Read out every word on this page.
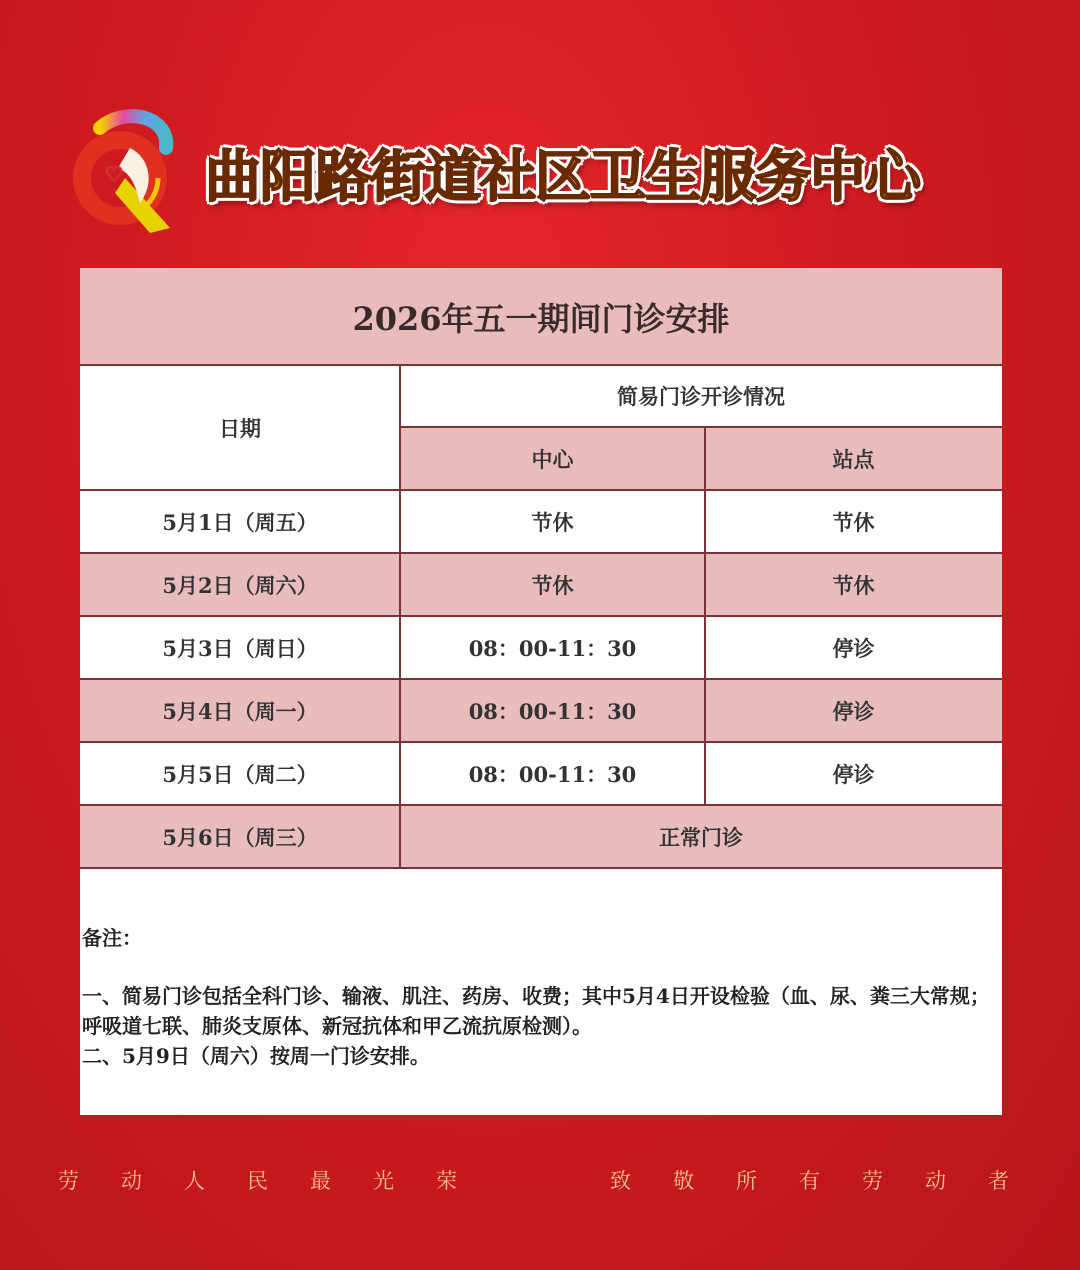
曲阳路街道社区卫生服务中心
2026年五一期间门诊安排
日期
简易门诊开诊情况
中心	站点
5月1日（周五）	节休	节休
5月2日（周六）	节休	节休
5月3日（周日）	08：00-11：30	停诊
5月4日（周一）	08：00-11：30	停诊
5月5日（周二）	08：00-11：30	停诊
5月6日（周三）	正常门诊
备注：
一、简易门诊包括全科门诊、输液、肌注、药房、收费；其中5月4日开设检验（血、尿、粪三大常规；呼吸道七联、肺炎支原体、新冠抗体和甲乙流抗原检测）。
二、5月9日（周六）按周一门诊安排。
劳动人民最光荣	致敬所有劳动者
